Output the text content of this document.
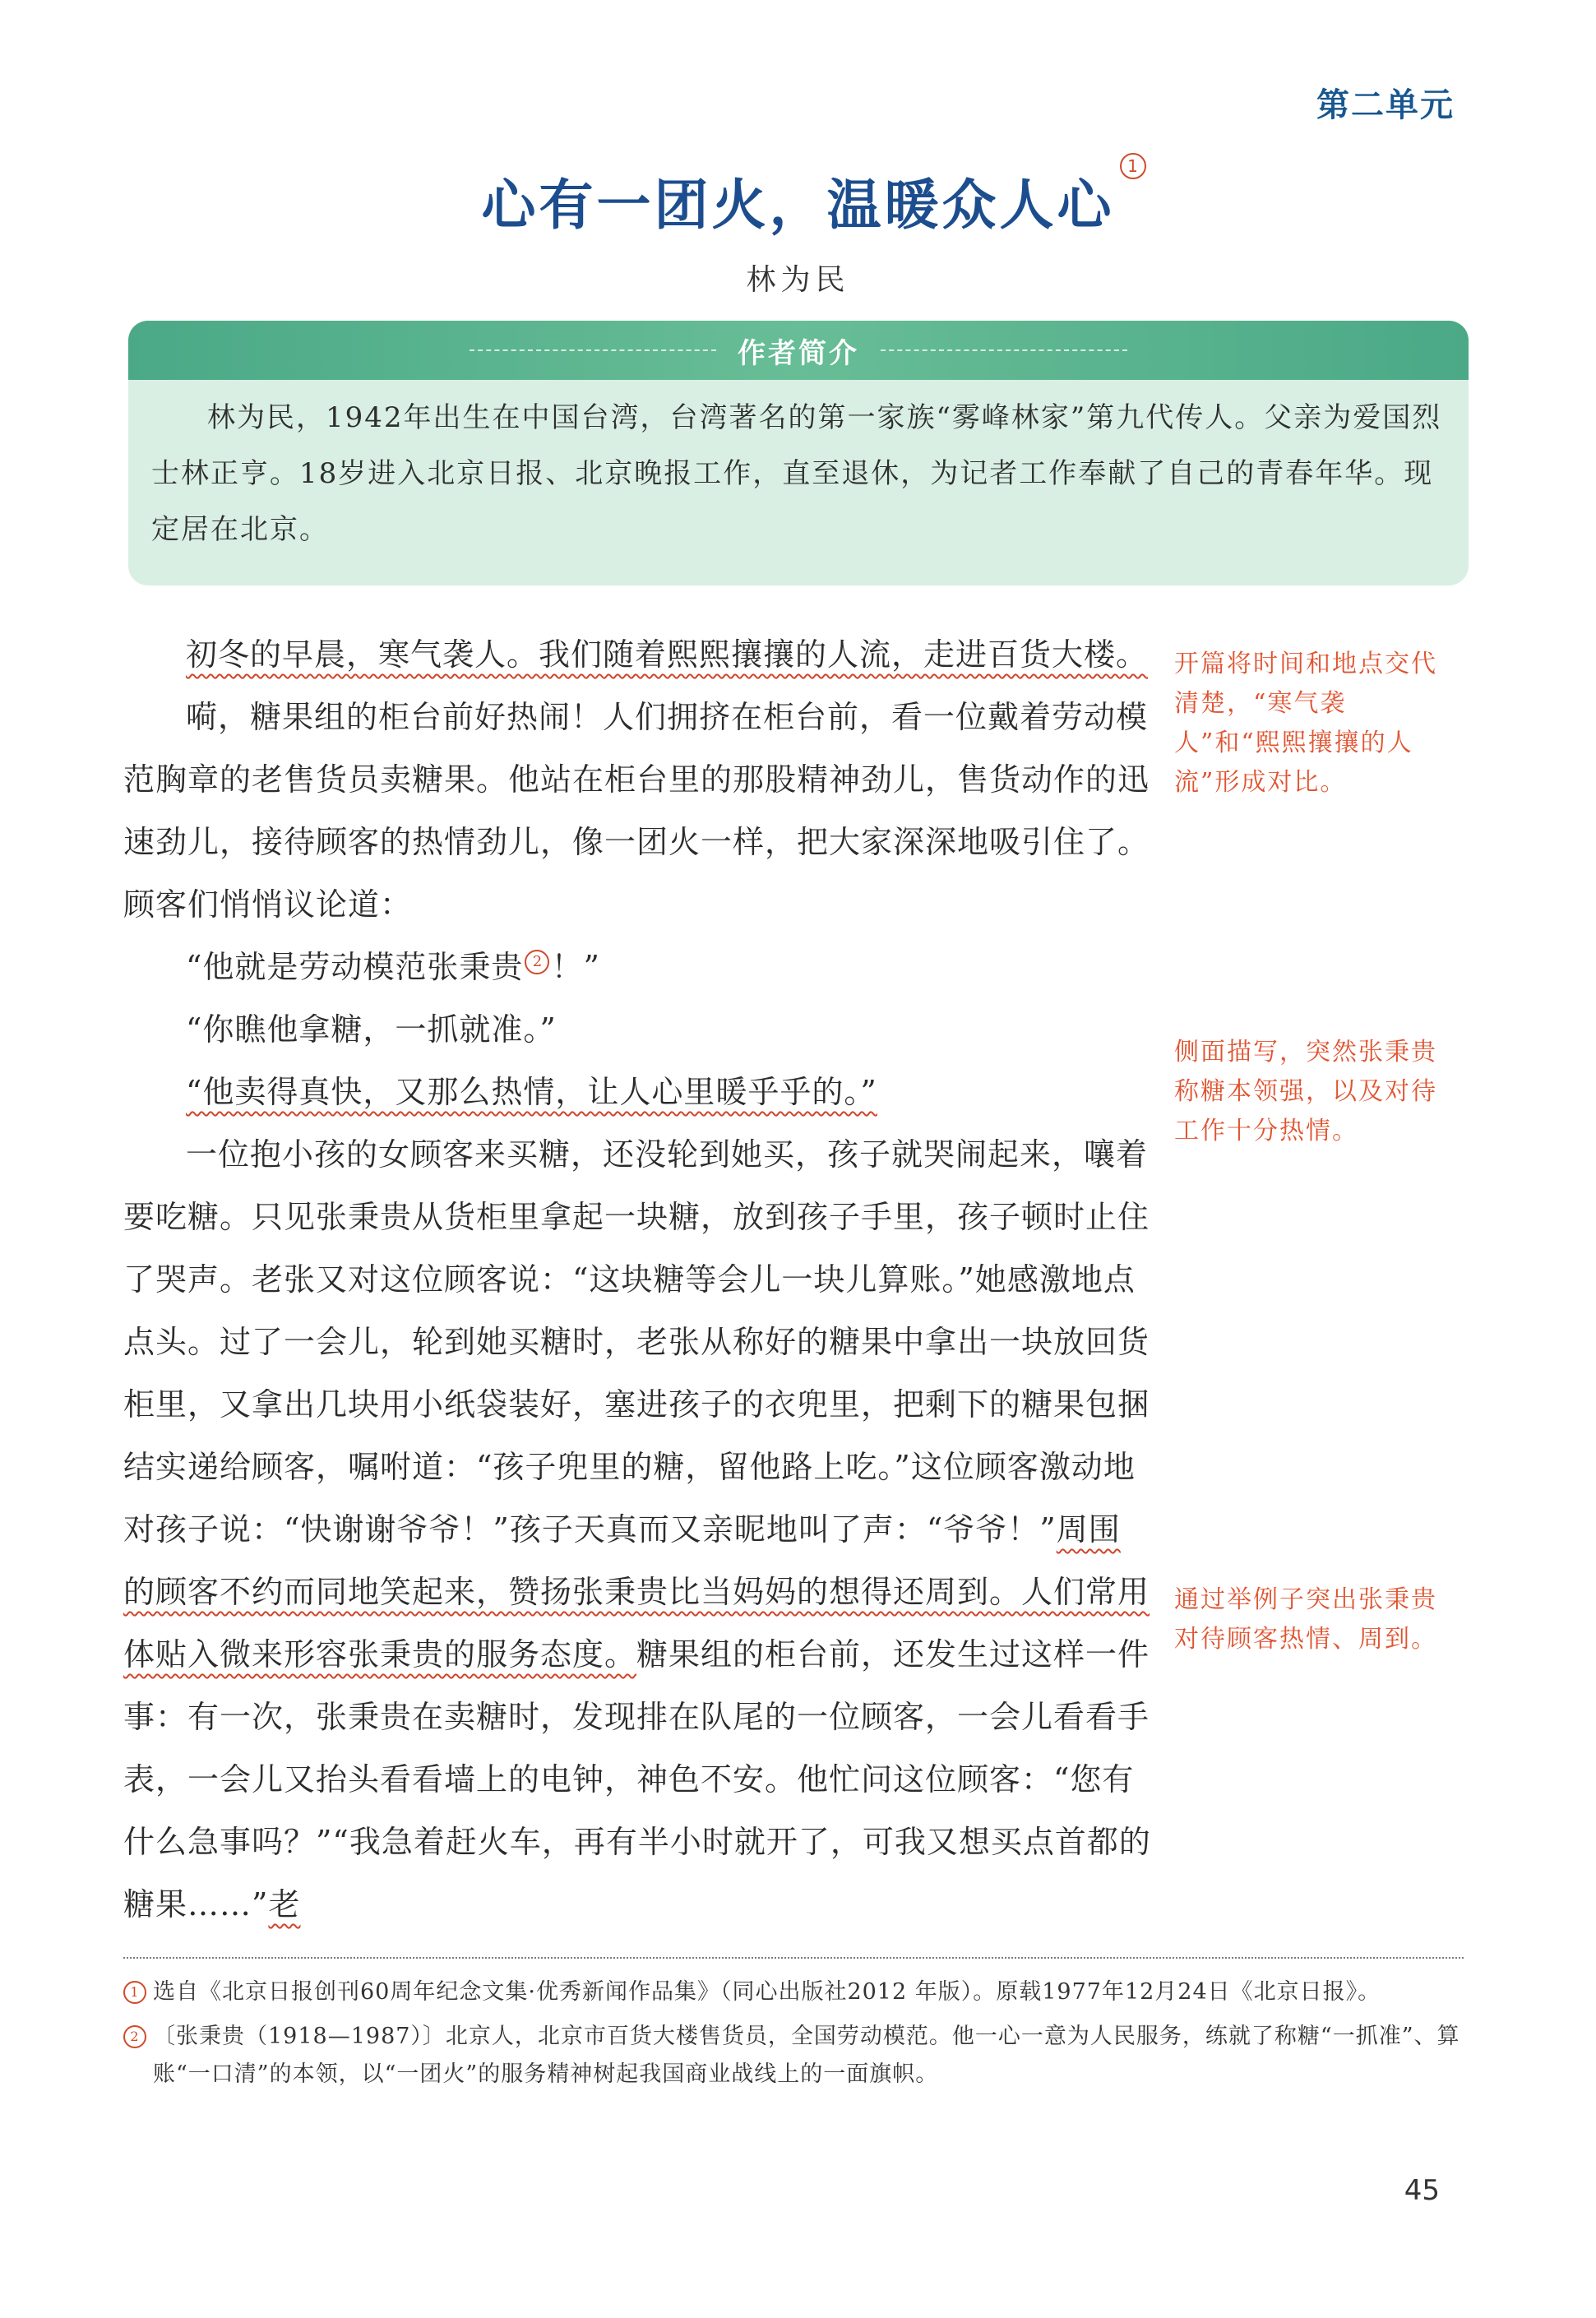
第二单元
心有一团火，温暖众人心
1
林为民
作者简介
林为民，1942年出生在中国台湾，台湾著名的第一家族“雾峰林家”第九代传人。父亲为爱国烈士林正亨。18岁进入北京日报、北京晚报工作，直至退休，为记者工作奉献了自己的青春年华。现定居在北京。

初冬的早晨，寒气袭人。我们随着熙熙攘攘的人流，走进百货大楼。

嗬，糖果组的柜台前好热闹！人们拥挤在柜台前，看一位戴着劳动模范胸章的老售货员卖糖果。他站在柜台里的那股精神劲儿，售货动作的迅速劲儿，接待顾客的热情劲儿，像一团火一样，把大家深深地吸引住了。顾客们悄悄议论道：

“他就是劳动模范张秉贵 2 ！”

“你瞧他拿糖，一抓就准。”

“他卖得真快，又那么热情，让人心里暖乎乎的。”

一位抱小孩的女顾客来买糖，还没轮到她买，孩子就哭闹起来，嚷着要吃糖。只见张秉贵从货柜里拿起一块糖，放到孩子手里，孩子顿时止住了哭声。老张又对这位顾客说：“这块糖等会儿一块儿算账。”她感激地点点头。过了一会儿，轮到她买糖时，老张从称好的糖果中拿出一块放回货柜里，又拿出几块用小纸袋装好，塞进孩子的衣兜里，把剩下的糖果包捆结实递给顾客，嘱咐道：“孩子兜里的糖，留他路上吃。”这位顾客激动地对孩子说：“快谢谢爷爷！”孩子天真而又亲昵地叫了声：“爷爷！”周围的顾客不约而同地笑起来，赞扬张秉贵比当妈妈的想得还周到。人们常用体贴入微来形容张秉贵的服务态度。糖果组的柜台前，还发生过这样一件事：有一次，张秉贵在卖糖时，发现排在队尾的一位顾客，一会儿看看手表，一会儿又抬头看看墙上的电钟，神色不安。他忙问这位顾客：“您有什么急事吗？”“我急着赶火车，再有半小时就开了，可我又想买点首都的糖果……”老

开篇将时间和地点交代清楚，“寒气袭人”和“熙熙攘攘的人流”形成对比。
侧面描写，突然张秉贵称糖本领强，以及对待工作十分热情。
通过举例子突出张秉贵对待顾客热情、周到。
1 选自《北京日报创刊60周年纪念文集·优秀新闻作品集》（同心出版社2012 年版）。原载1977年12月24日《北京日报》。
2 〔张秉贵（1918—1987）〕北京人，北京市百货大楼售货员，全国劳动模范。他一心一意为人民服务，练就了称糖“一抓准”、算账“一口清”的本领，以“一团火”的服务精神树起我国商业战线上的一面旗帜。
45
